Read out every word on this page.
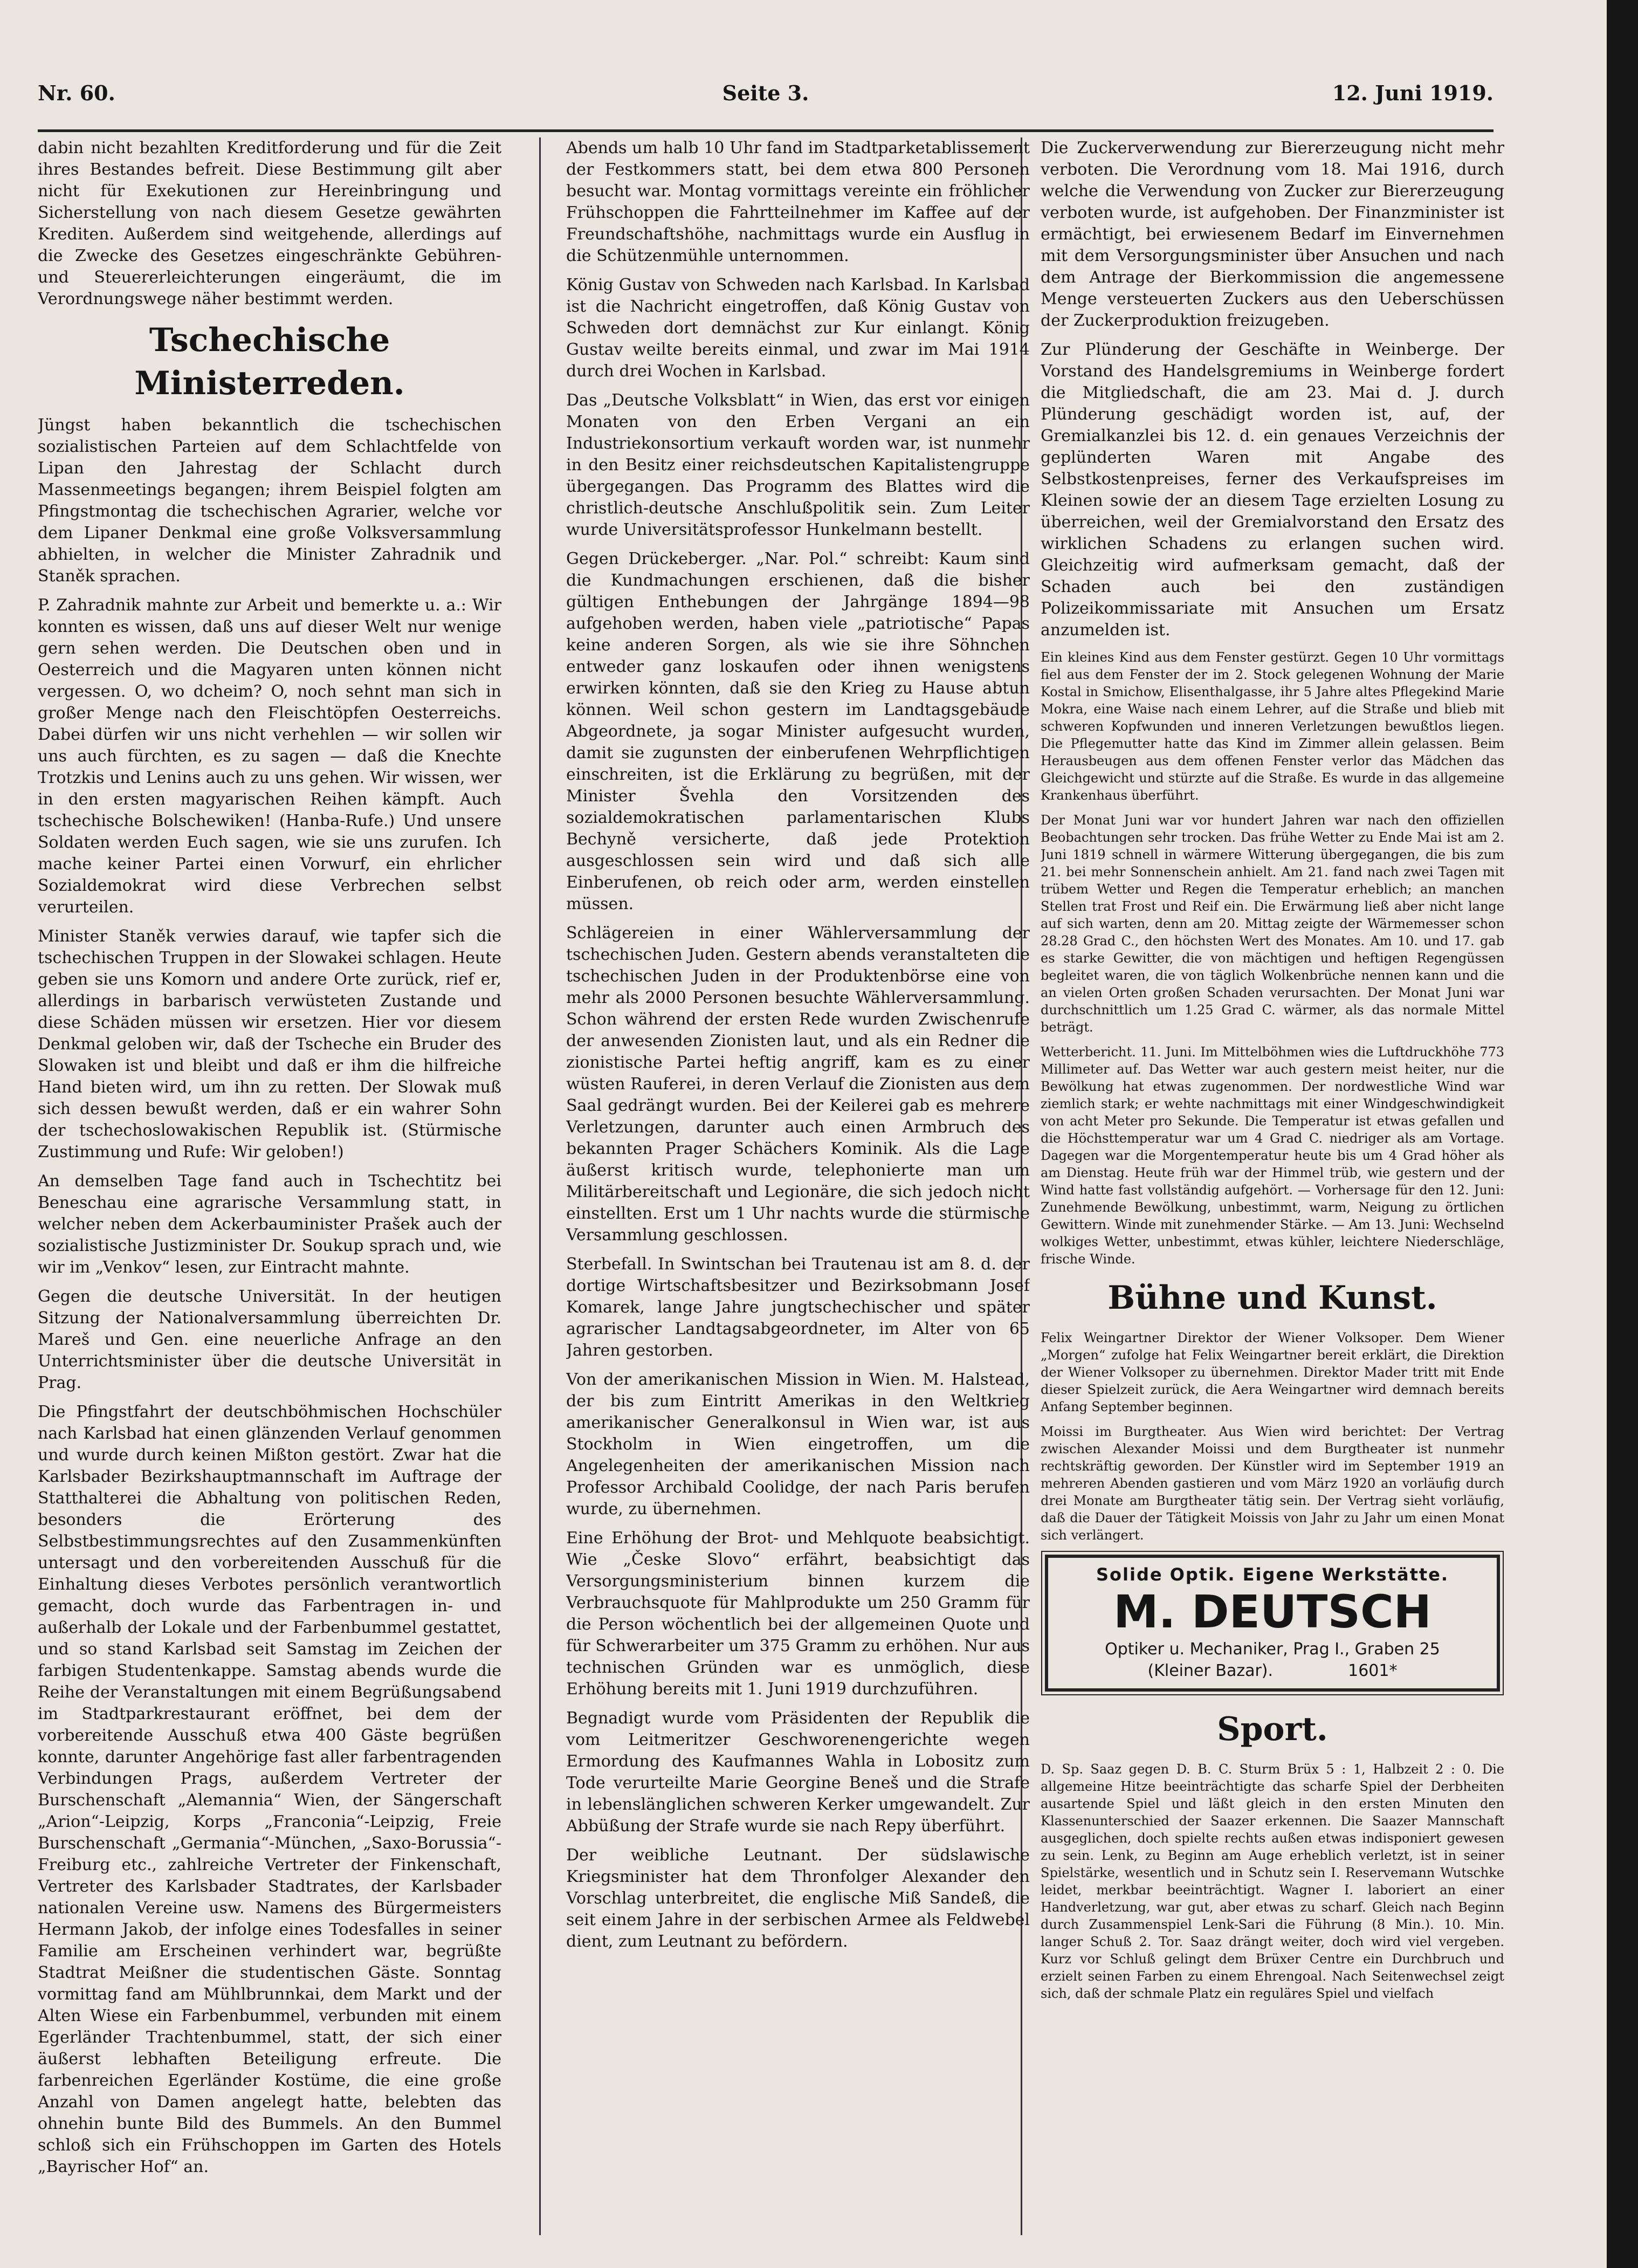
Nr. 60.	Seite 3.	12. Juni 1919.

dabin nicht bezahlten Kreditforderung und für die Zeit ihres Bestandes befreit. Diese Bestimmung gilt aber nicht für Exekutionen zur Hereinbringung und Sicherstellung von nach diesem Gesetze gewährten Krediten. Außerdem sind weitgehende, allerdings auf die Zwecke des Gesetzes eingeschränkte Gebühren- und Steuererleichterungen eingeräumt, die im Verordnungswege näher bestimmt werden.

Tschechische Ministerreden.

Jüngst haben bekanntlich die tschechischen sozialistischen Parteien auf dem Schlachtfelde von Lipan den Jahrestag der Schlacht durch Massenmeetings begangen; ihrem Beispiel folgten am Pfingstmontag die tschechischen Agrarier, welche vor dem Lipaner Denkmal eine große Volksversammlung abhielten, in welcher die Minister Zahradnik und Staněk sprachen.

P. Zahradnik mahnte zur Arbeit und bemerkte u. a.: Wir konnten es wissen, daß uns auf dieser Welt nur wenige gern sehen werden. Die Deutschen oben und in Oesterreich und die Magyaren unten können nicht vergessen. O, wo dcheim? O, noch sehnt man sich in großer Menge nach den Fleischtöpfen Oesterreichs. Dabei dürfen wir uns nicht verhehlen — wir sollen wir uns auch fürchten, es zu sagen — daß die Knechte Trotzkis und Lenins auch zu uns gehen. Wir wissen, wer in den ersten magyarischen Reihen kämpft. Auch tschechische Bolschewiken! (Hanba-Rufe.) Und unsere Soldaten werden Euch sagen, wie sie uns zurufen. Ich mache keiner Partei einen Vorwurf, ein ehrlicher Sozialdemokrat wird diese Verbrechen selbst verurteilen.

Minister Staněk verwies darauf, wie tapfer sich die tschechischen Truppen in der Slowakei schlagen. Heute geben sie uns Komorn und andere Orte zurück, rief er, allerdings in barbarisch verwüsteten Zustande und diese Schäden müssen wir ersetzen. Hier vor diesem Denkmal geloben wir, daß der Tscheche ein Bruder des Slowaken ist und bleibt und daß er ihm die hilfreiche Hand bieten wird, um ihn zu retten. Der Slowak muß sich dessen bewußt werden, daß er ein wahrer Sohn der tschechoslowakischen Republik ist. (Stürmische Zustimmung und Rufe: Wir geloben!)

An demselben Tage fand auch in Tschechtitz bei Beneschau eine agrarische Versammlung statt, in welcher neben dem Ackerbauminister Prašek auch der sozialistische Justizminister Dr. Soukup sprach und, wie wir im „Venkov“ lesen, zur Eintracht mahnte.

Gegen die deutsche Universität. In der heutigen Sitzung der Nationalversammlung überreichten Dr. Mareš und Gen. eine neuerliche Anfrage an den Unterrichtsminister über die deutsche Universität in Prag.

Die Pfingstfahrt der deutschböhmischen Hochschüler nach Karlsbad hat einen glänzenden Verlauf genommen und wurde durch keinen Mißton gestört. Zwar hat die Karlsbader Bezirkshauptmannschaft im Auftrage der Statthalterei die Abhaltung von politischen Reden, besonders die Erörterung des Selbstbestimmungsrechtes auf den Zusammenkünften untersagt und den vorbereitenden Ausschuß für die Einhaltung dieses Verbotes persönlich verantwortlich gemacht, doch wurde das Farbentragen in- und außerhalb der Lokale und der Farbenbummel gestattet, und so stand Karlsbad seit Samstag im Zeichen der farbigen Studentenkappe. Samstag abends wurde die Reihe der Veranstaltungen mit einem Begrüßungsabend im Stadtparkrestaurant eröffnet, bei dem der vorbereitende Ausschuß etwa 400 Gäste begrüßen konnte, darunter Angehörige fast aller farbentragenden Verbindungen Prags, außerdem Vertreter der Burschenschaft „Alemannia“ Wien, der Sängerschaft „Arion“-Leipzig, Korps „Franconia“-Leipzig, Freie Burschenschaft „Germania“-München, „Saxo-Borussia“-Freiburg etc., zahlreiche Vertreter der Finkenschaft, Vertreter des Karlsbader Stadtrates, der Karlsbader nationalen Vereine usw. Namens des Bürgermeisters Hermann Jakob, der infolge eines Todesfalles in seiner Familie am Erscheinen verhindert war, begrüßte Stadtrat Meißner die studentischen Gäste. Sonntag vormittag fand am Mühlbrunnkai, dem Markt und der Alten Wiese ein Farbenbummel, verbunden mit einem Egerländer Trachtenbummel, statt, der sich einer äußerst lebhaften Beteiligung erfreute. Die farbenreichen Egerländer Kostüme, die eine große Anzahl von Damen angelegt hatte, belebten das ohnehin bunte Bild des Bummels. An den Bummel schloß sich ein Frühschoppen im Garten des Hotels „Bayrischer Hof“ an.

Abends um halb 10 Uhr fand im Stadtparketablissement der Festkommers statt, bei dem etwa 800 Personen besucht war. Montag vormittags vereinte ein fröhlicher Frühschoppen die Fahrtteilnehmer im Kaffee auf der Freundschaftshöhe, nachmittags wurde ein Ausflug in die Schützenmühle unternommen.

König Gustav von Schweden nach Karlsbad. In Karlsbad ist die Nachricht eingetroffen, daß König Gustav von Schweden dort demnächst zur Kur einlangt. König Gustav weilte bereits einmal, und zwar im Mai 1914 durch drei Wochen in Karlsbad.

Das „Deutsche Volksblatt“ in Wien, das erst vor einigen Monaten von den Erben Vergani an ein Industriekonsortium verkauft worden war, ist nunmehr in den Besitz einer reichsdeutschen Kapitalistengruppe übergegangen. Das Programm des Blattes wird die christlich-deutsche Anschlußpolitik sein. Zum Leiter wurde Universitätsprofessor Hunkelmann bestellt.

Gegen Drückeberger. „Nar. Pol.“ schreibt: Kaum sind die Kundmachungen erschienen, daß die bisher gültigen Enthebungen der Jahrgänge 1894—98 aufgehoben werden, haben viele „patriotische“ Papas keine anderen Sorgen, als wie sie ihre Söhnchen entweder ganz loskaufen oder ihnen wenigstens erwirken könnten, daß sie den Krieg zu Hause abtun können. Weil schon gestern im Landtagsgebäude Abgeordnete, ja sogar Minister aufgesucht wurden, damit sie zugunsten der einberufenen Wehrpflichtigen einschreiten, ist die Erklärung zu begrüßen, mit der Minister Švehla den Vorsitzenden des sozialdemokratischen parlamentarischen Klubs Bechyně versicherte, daß jede Protektion ausgeschlossen sein wird und daß sich alle Einberufenen, ob reich oder arm, werden einstellen müssen.

Schlägereien in einer Wählerversammlung der tschechischen Juden. Gestern abends veranstalteten die tschechischen Juden in der Produktenbörse eine von mehr als 2000 Personen besuchte Wählerversammlung. Schon während der ersten Rede wurden Zwischenrufe der anwesenden Zionisten laut, und als ein Redner die zionistische Partei heftig angriff, kam es zu einer wüsten Rauferei, in deren Verlauf die Zionisten aus dem Saal gedrängt wurden. Bei der Keilerei gab es mehrere Verletzungen, darunter auch einen Armbruch des bekannten Prager Schächers Kominik. Als die Lage äußerst kritisch wurde, telephonierte man um Militärbereitschaft und Legionäre, die sich jedoch nicht einstellten. Erst um 1 Uhr nachts wurde die stürmische Versammlung geschlossen.

Sterbefall. In Swintschan bei Trautenau ist am 8. d. der dortige Wirtschaftsbesitzer und Bezirksobmann Josef Komarek, lange Jahre jungtschechischer und später agrarischer Landtagsabgeordneter, im Alter von 65 Jahren gestorben.

Von der amerikanischen Mission in Wien. M. Halstead, der bis zum Eintritt Amerikas in den Weltkrieg amerikanischer Generalkonsul in Wien war, ist aus Stockholm in Wien eingetroffen, um die Angelegenheiten der amerikanischen Mission nach Professor Archibald Coolidge, der nach Paris berufen wurde, zu übernehmen.

Eine Erhöhung der Brot- und Mehlquote beabsichtigt. Wie „Česke Slovo“ erfährt, beabsichtigt das Versorgungsministerium binnen kurzem die Verbrauchsquote für Mahlprodukte um 250 Gramm für die Person wöchentlich bei der allgemeinen Quote und für Schwerarbeiter um 375 Gramm zu erhöhen. Nur aus technischen Gründen war es unmöglich, diese Erhöhung bereits mit 1. Juni 1919 durchzuführen.

Begnadigt wurde vom Präsidenten der Republik die vom Leitmeritzer Geschworenengerichte wegen Ermordung des Kaufmannes Wahla in Lobositz zum Tode verurteilte Marie Georgine Beneš und die Strafe in lebenslänglichen schweren Kerker umgewandelt. Zur Abbüßung der Strafe wurde sie nach Repy überführt.

Der weibliche Leutnant. Der südslawische Kriegsminister hat dem Thronfolger Alexander den Vorschlag unterbreitet, die englische Miß Sandeß, die seit einem Jahre in der serbischen Armee als Feldwebel dient, zum Leutnant zu befördern.

Die Zuckerverwendung zur Biererzeugung nicht mehr verboten. Die Verordnung vom 18. Mai 1916, durch welche die Verwendung von Zucker zur Biererzeugung verboten wurde, ist aufgehoben. Der Finanzminister ist ermächtigt, bei erwiesenem Bedarf im Einvernehmen mit dem Versorgungsminister über Ansuchen und nach dem Antrage der Bierkommission die angemessene Menge versteuerten Zuckers aus den Ueberschüssen der Zuckerproduktion freizugeben.

Zur Plünderung der Geschäfte in Weinberge. Der Vorstand des Handelsgremiums in Weinberge fordert die Mitgliedschaft, die am 23. Mai d. J. durch Plünderung geschädigt worden ist, auf, der Gremialkanzlei bis 12. d. ein genaues Verzeichnis der geplünderten Waren mit Angabe des Selbstkostenpreises, ferner des Verkaufspreises im Kleinen sowie der an diesem Tage erzielten Losung zu überreichen, weil der Gremialvorstand den Ersatz des wirklichen Schadens zu erlangen suchen wird. Gleichzeitig wird aufmerksam gemacht, daß der Schaden auch bei den zuständigen Polizeikommissariate mit Ansuchen um Ersatz anzumelden ist.

Ein kleines Kind aus dem Fenster gestürzt. Gegen 10 Uhr vormittags fiel aus dem Fenster der im 2. Stock gelegenen Wohnung der Marie Kostal in Smichow, Elisenthalgasse, ihr 5 Jahre altes Pflegekind Marie Mokra, eine Waise nach einem Lehrer, auf die Straße und blieb mit schweren Kopfwunden und inneren Verletzungen bewußtlos liegen. Die Pflegemutter hatte das Kind im Zimmer allein gelassen. Beim Herausbeugen aus dem offenen Fenster verlor das Mädchen das Gleichgewicht und stürzte auf die Straße. Es wurde in das allgemeine Krankenhaus überführt.

Der Monat Juni war vor hundert Jahren war nach den offiziellen Beobachtungen sehr trocken. Das frühe Wetter zu Ende Mai ist am 2. Juni 1819 schnell in wärmere Witterung übergegangen, die bis zum 21. bei mehr Sonnenschein anhielt. Am 21. fand nach zwei Tagen mit trübem Wetter und Regen die Temperatur erheblich; an manchen Stellen trat Frost und Reif ein. Die Erwärmung ließ aber nicht lange auf sich warten, denn am 20. Mittag zeigte der Wärmemesser schon 28.28 Grad C., den höchsten Wert des Monates. Am 10. und 17. gab es starke Gewitter, die von mächtigen und heftigen Regengüssen begleitet waren, die von täglich Wolkenbrüche nennen kann und die an vielen Orten großen Schaden verursachten. Der Monat Juni war durchschnittlich um 1.25 Grad C. wärmer, als das normale Mittel beträgt.

Wetterbericht. 11. Juni. Im Mittelböhmen wies die Luftdruckhöhe 773 Millimeter auf. Das Wetter war auch gestern meist heiter, nur die Bewölkung hat etwas zugenommen. Der nordwestliche Wind war ziemlich stark; er wehte nachmittags mit einer Windgeschwindigkeit von acht Meter pro Sekunde. Die Temperatur ist etwas gefallen und die Höchsttemperatur war um 4 Grad C. niedriger als am Vortage. Dagegen war die Morgentemperatur heute bis um 4 Grad höher als am Dienstag. Heute früh war der Himmel trüb, wie gestern und der Wind hatte fast vollständig aufgehört. — Vorhersage für den 12. Juni: Zunehmende Bewölkung, unbestimmt, warm, Neigung zu örtlichen Gewittern. Winde mit zunehmender Stärke. — Am 13. Juni: Wechselnd wolkiges Wetter, unbestimmt, etwas kühler, leichtere Niederschläge, frische Winde.

Bühne und Kunst.

Felix Weingartner Direktor der Wiener Volksoper. Dem Wiener „Morgen“ zufolge hat Felix Weingartner bereit erklärt, die Direktion der Wiener Volksoper zu übernehmen. Direktor Mader tritt mit Ende dieser Spielzeit zurück, die Aera Weingartner wird demnach bereits Anfang September beginnen.

Moissi im Burgtheater. Aus Wien wird berichtet: Der Vertrag zwischen Alexander Moissi und dem Burgtheater ist nunmehr rechtskräftig geworden. Der Künstler wird im September 1919 an mehreren Abenden gastieren und vom März 1920 an vorläufig durch drei Monate am Burgtheater tätig sein. Der Vertrag sieht vorläufig, daß die Dauer der Tätigkeit Moissis von Jahr zu Jahr um einen Monat sich verlängert.

Solide Optik. Eigene Werkstätte.
M. DEUTSCH
Optiker u. Mechaniker, Prag I., Graben 25
(Kleiner Bazar).	1601*
Sport.

D. Sp. Saaz gegen D. B. C. Sturm Brüx 5 : 1, Halbzeit 2 : 0. Die allgemeine Hitze beeinträchtigte das scharfe Spiel der Derbheiten ausartende Spiel und läßt gleich in den ersten Minuten den Klassenunterschied der Saazer erkennen. Die Saazer Mannschaft ausgeglichen, doch spielte rechts außen etwas indisponiert gewesen zu sein. Lenk, zu Beginn am Auge erheblich verletzt, ist in seiner Spielstärke, wesentlich und in Schutz sein I. Reservemann Wutschke leidet, merkbar beeinträchtigt. Wagner I. laboriert an einer Handverletzung, war gut, aber etwas zu scharf. Gleich nach Beginn durch Zusammenspiel Lenk-Sari die Führung (8 Min.). 10. Min. langer Schuß 2. Tor. Saaz drängt weiter, doch wird viel vergeben. Kurz vor Schluß gelingt dem Brüxer Centre ein Durchbruch und erzielt seinen Farben zu einem Ehrengoal. Nach Seitenwechsel zeigt sich, daß der schmale Platz ein reguläres Spiel und vielfach
